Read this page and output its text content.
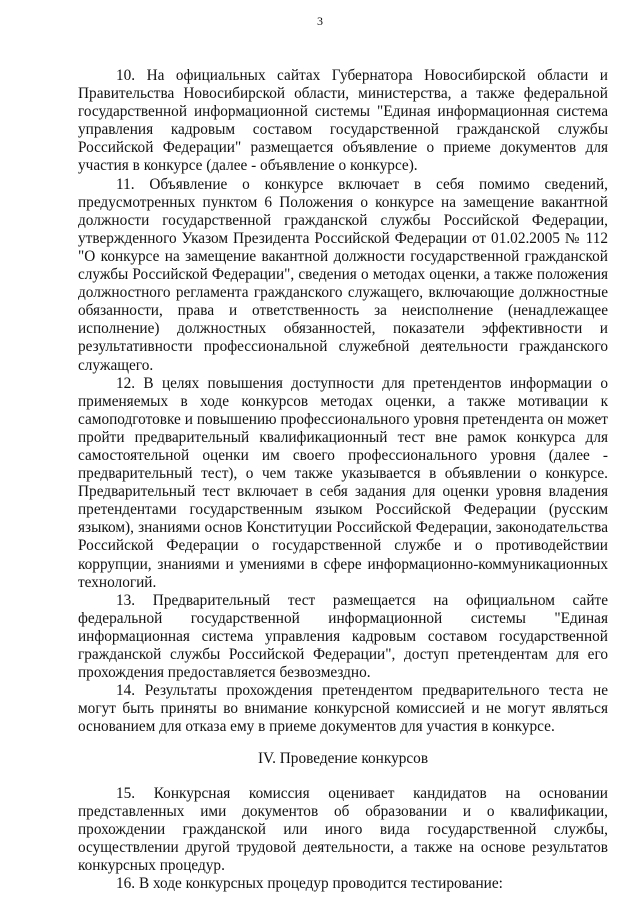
3

10. На официальных сайтах Губернатора Новосибирской области и Правительства Новосибирской области, министерства, а также федеральной государственной информационной системы "Единая информационная система управления кадровым составом государственной гражданской службы Российской Федерации" размещается объявление о приеме документов для участия в конкурсе (далее - объявление о конкурсе).

11. Объявление о конкурсе включает в себя помимо сведений, предусмотренных пунктом 6 Положения о конкурсе на замещение вакантной должности государственной гражданской службы Российской Федерации, утвержденного Указом Президента Российской Федерации от 01.02.2005 № 112 "О конкурсе на замещение вакантной должности государственной гражданской службы Российской Федерации", сведения о методах оценки, а также положения должностного регламента гражданского служащего, включающие должностные обязанности, права и ответственность за неисполнение (ненадлежащее исполнение) должностных обязанностей, показатели эффективности и результативности профессиональной служебной деятельности гражданского служащего.

12. В целях повышения доступности для претендентов информации о применяемых в ходе конкурсов методах оценки, а также мотивации к самоподготовке и повышению профессионального уровня претендента он может пройти предварительный квалификационный тест вне рамок конкурса для самостоятельной оценки им своего профессионального уровня (далее - предварительный тест), о чем также указывается в объявлении о конкурсе. Предварительный тест включает в себя задания для оценки уровня владения претендентами государственным языком Российской Федерации (русским языком), знаниями основ Конституции Российской Федерации, законодательства Российской Федерации о государственной службе и о противодействии коррупции, знаниями и умениями в сфере информационно-коммуникационных технологий.

13. Предварительный тест размещается на официальном сайте федеральной государственной информационной системы "Единая информационная система управления кадровым составом государственной гражданской службы Российской Федерации", доступ претендентам для его прохождения предоставляется безвозмездно.

14. Результаты прохождения претендентом предварительного теста не могут быть приняты во внимание конкурсной комиссией и не могут являться основанием для отказа ему в приеме документов для участия в конкурсе.

IV. Проведение конкурсов

15. Конкурсная комиссия оценивает кандидатов на основании представленных ими документов об образовании и о квалификации, прохождении гражданской или иного вида государственной службы, осуществлении другой трудовой деятельности, а также на основе результатов конкурсных процедур.

16. В ходе конкурсных процедур проводится тестирование:
